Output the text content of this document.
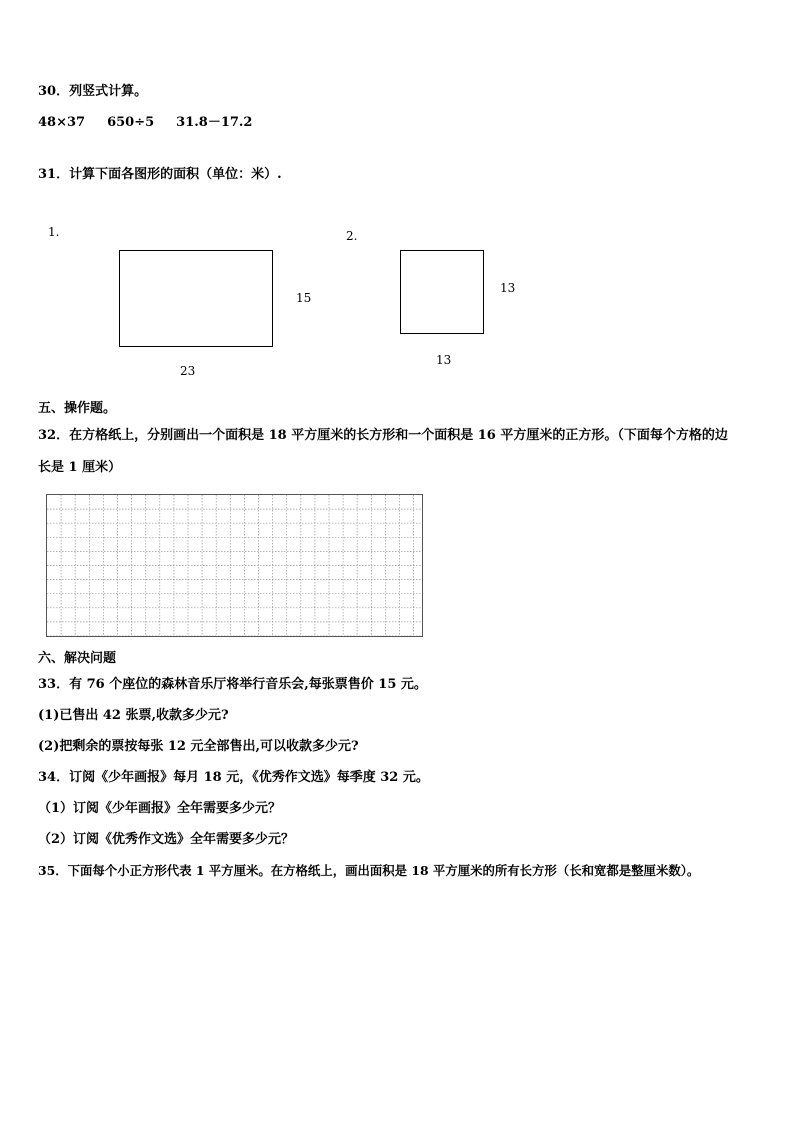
30．列竖式计算。
48×37 650÷5 31.8－17.2
31．计算下面各图形的面积（单位：米）.
1.
15
23
2.
13
13
五、操作题。
32．在方格纸上，分别画出一个面积是 18 平方厘米的长方形和一个面积是 16 平方厘米的正方形。（下面每个方格的边
长是 1 厘米）
六、解决问题
33．有 76 个座位的森林音乐厅将举行音乐会,每张票售价 15 元。
(1)已售出 42 张票,收款多少元?
(2)把剩余的票按每张 12 元全部售出,可以收款多少元?
34．订阅《少年画报》每月 18 元，《优秀作文选》每季度 32 元。
（1）订阅《少年画报》全年需要多少元？
（2）订阅《优秀作文选》全年需要多少元？
35．下面每个小正方形代表 1 平方厘米。在方格纸上，画出面积是 18 平方厘米的所有长方形（长和宽都是整厘米数）。
